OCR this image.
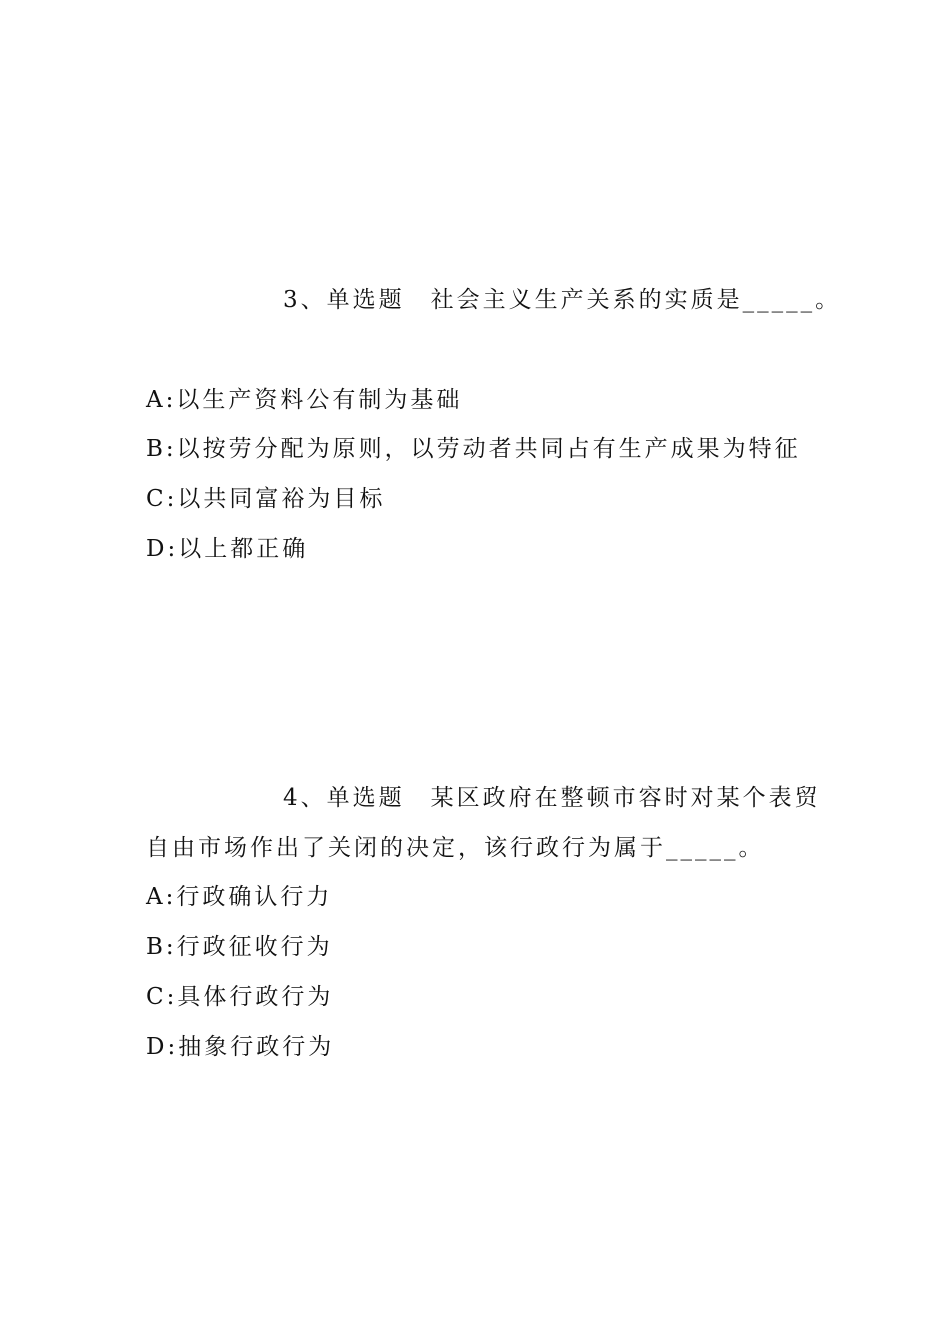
3、单选题　 社会主义生产关系的实质是_____。
A:以生产资料公有制为基础
B:以按劳分配为原则，以劳动者共同占有生产成果为特征
C:以共同富裕为目标
D:以上都正确
4、单选题　 某区政府在整顿市容时对某个表贸
自由市场作出了关闭的决定，该行政行为属于_____。
A:行政确认行力
B:行政征收行为
C:具体行政行为
D:抽象行政行为
